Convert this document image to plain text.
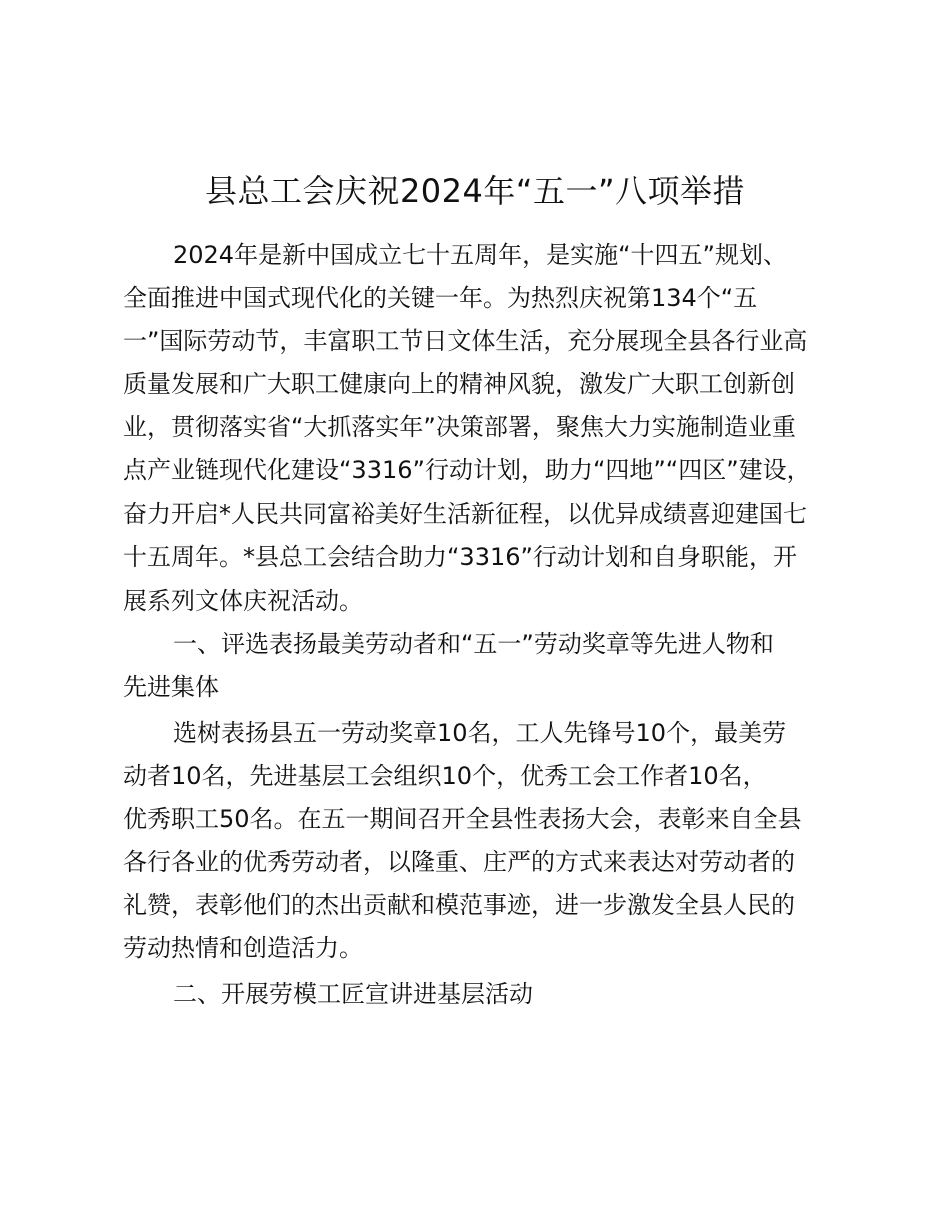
县总工会庆祝2024年“五一”八项举措

2024年是新中国成立七十五周年，是实施“十四五”规划、

全面推进中国式现代化的关键一年。为热烈庆祝第134个“五

一”国际劳动节，丰富职工节日文体生活，充分展现全县各行业高

质量发展和广大职工健康向上的精神风貌，激发广大职工创新创

业，贯彻落实省“大抓落实年”决策部署，聚焦大力实施制造业重

点产业链现代化建设“3316”行动计划，助力“四地”“四区”建设，

奋力开启*人民共同富裕美好生活新征程，以优异成绩喜迎建国七

十五周年。*县总工会结合助力“3316”行动计划和自身职能，开

展系列文体庆祝活动。

一、评选表扬最美劳动者和“五一”劳动奖章等先进人物和

先进集体

选树表扬县五一劳动奖章10名，工人先锋号10个，最美劳

动者10名，先进基层工会组织10个，优秀工会工作者10名，

优秀职工50名。在五一期间召开全县性表扬大会，表彰来自全县

各行各业的优秀劳动者，以隆重、庄严的方式来表达对劳动者的

礼赞，表彰他们的杰出贡献和模范事迹，进一步激发全县人民的

劳动热情和创造活力。

二、开展劳模工匠宣讲进基层活动
